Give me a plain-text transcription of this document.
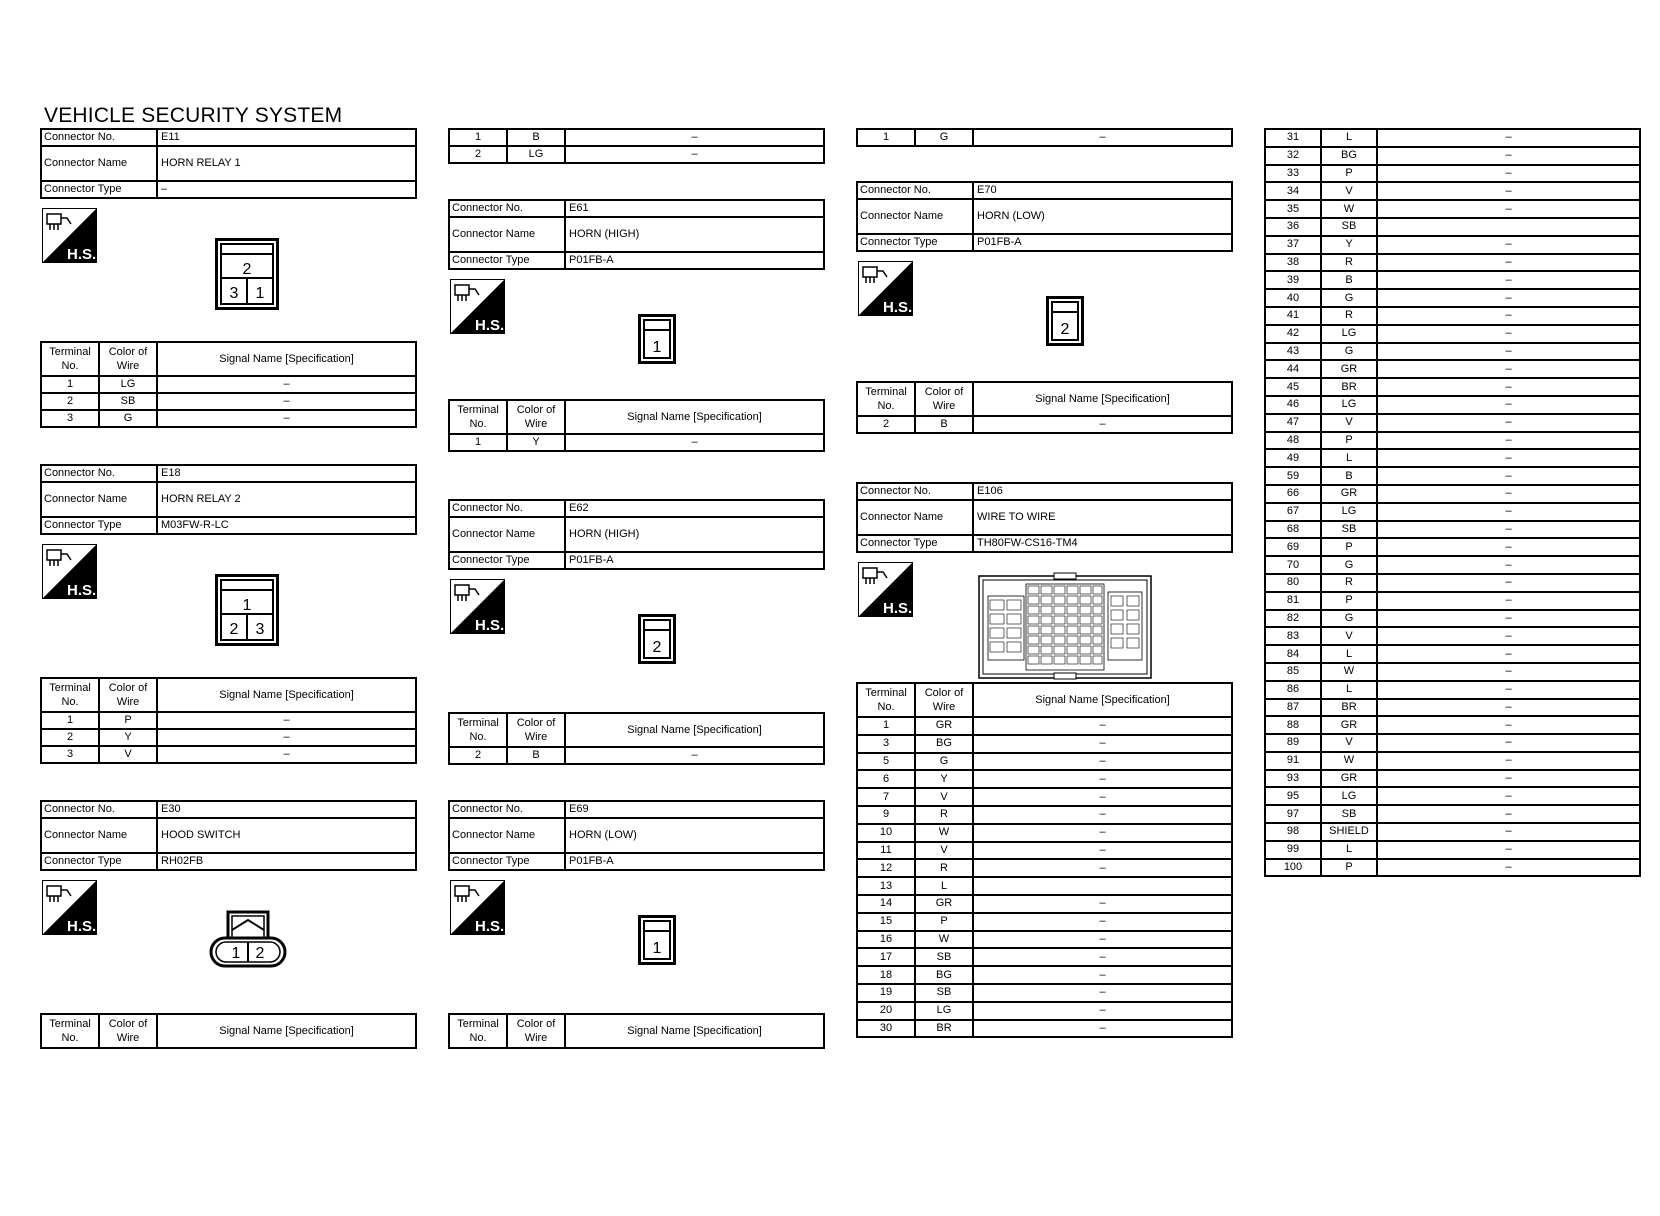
VEHICLE SECURITY SYSTEM
Connector No.	E11
Connector Name	HORN RELAY 1
Connector Type	–
H.S.
2
3 1
Terminal No.	Color of Wire	Signal Name [Specification]
1	LG	–
2	SB	–
3	G	–
Connector No.	E18
Connector Name	HORN RELAY 2
Connector Type	M03FW-R-LC
H.S.
1
2 3
Terminal No.	Color of Wire	Signal Name [Specification]
1	P	–
2	Y	–
3	V	–
Connector No.	E30
Connector Name	HOOD SWITCH
Connector Type	RH02FB
H.S.
1 2
Terminal No.	Color of Wire	Signal Name [Specification]
1	B	–
2	LG	–
Connector No.	E61
Connector Name	HORN (HIGH)
Connector Type	P01FB-A
H.S.
1
Terminal No.	Color of Wire	Signal Name [Specification]
1	Y	–
Connector No.	E62
Connector Name	HORN (HIGH)
Connector Type	P01FB-A
H.S.
2
Terminal No.	Color of Wire	Signal Name [Specification]
2	B	–
Connector No.	E69
Connector Name	HORN (LOW)
Connector Type	P01FB-A
H.S.
1
Terminal No.	Color of Wire	Signal Name [Specification]
1	G	–
Connector No.	E70
Connector Name	HORN (LOW)
Connector Type	P01FB-A
H.S.
2
Terminal No.	Color of Wire	Signal Name [Specification]
2	B	–
Connector No.	E106
Connector Name	WIRE TO WIRE
Connector Type	TH80FW-CS16-TM4
H.S.
Terminal No.	Color of Wire	Signal Name [Specification]
1	GR	–
3	BG	–
5	G	–
6	Y	–
7	V	–
9	R	–
10	W	–
11	V	–
12	R	–
13	L	
14	GR	–
15	P	–
16	W	–
17	SB	–
18	BG	–
19	SB	–
20	LG	–
30	BR	–
31	L	–
32	BG	–
33	P	–
34	V	–
35	W	–
36	SB	
37	Y	–
38	R	–
39	B	–
40	G	–
41	R	–
42	LG	–
43	G	–
44	GR	–
45	BR	–
46	LG	–
47	V	–
48	P	–
49	L	–
59	B	–
66	GR	–
67	LG	–
68	SB	–
69	P	–
70	G	–
80	R	–
81	P	–
82	G	–
83	V	–
84	L	–
85	W	–
86	L	–
87	BR	–
88	GR	–
89	V	–
91	W	–
93	GR	–
95	LG	–
97	SB	–
98	SHIELD	–
99	L	–
100	P	–
